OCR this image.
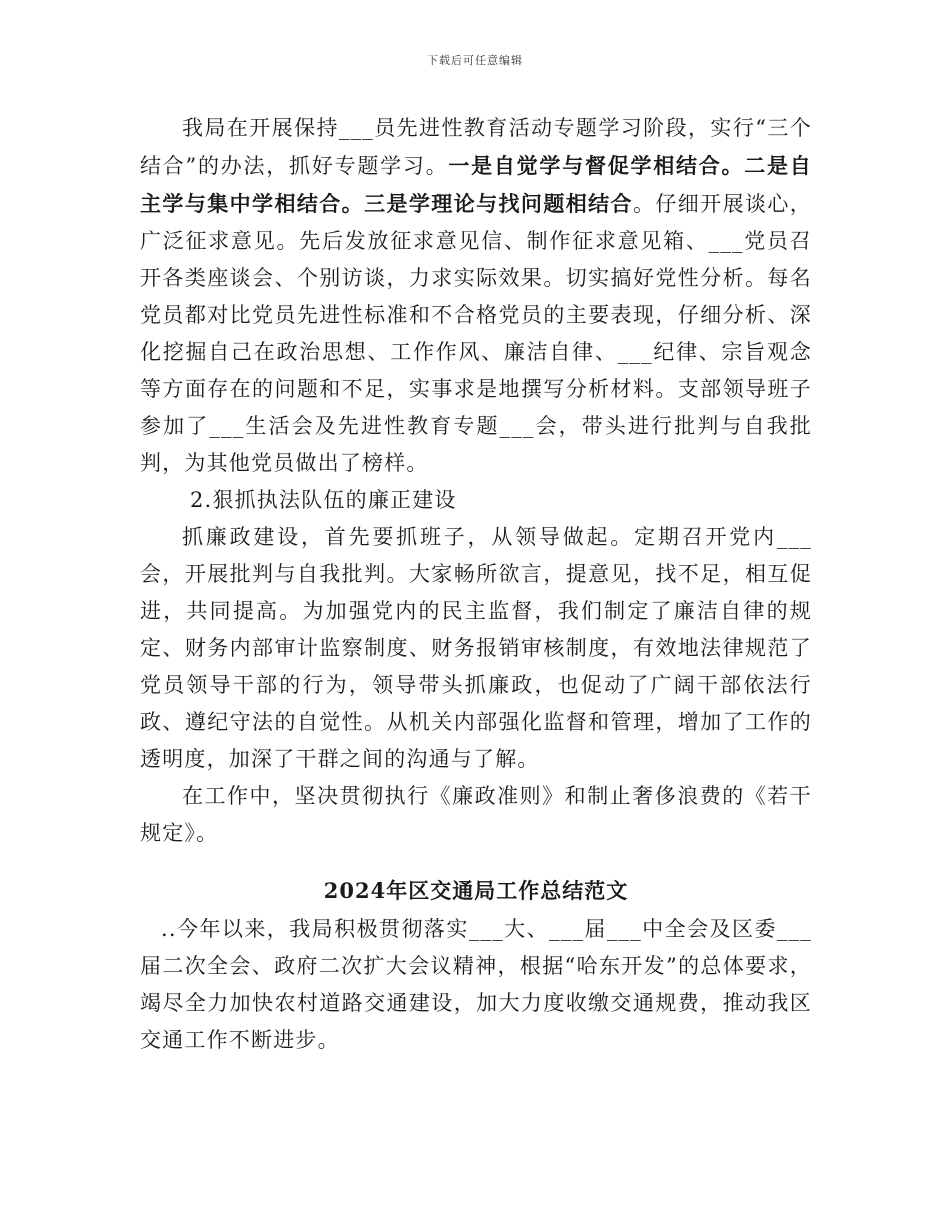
下载后可任意编辑

我局在开展保持___员先进性教育活动专题学习阶段，实行“三个结合”的办法，抓好专题学习。一是自觉学与督促学相结合。二是自主学与集中学相结合。三是学理论与找问题相结合。仔细开展谈心，广泛征求意见。先后发放征求意见信、制作征求意见箱、___党员召开各类座谈会、个别访谈，力求实际效果。切实搞好党性分析。每名党员都对比党员先进性标准和不合格党员的主要表现，仔细分析、深化挖掘自己在政治思想、工作作风、廉洁自律、___纪律、宗旨观念等方面存在的问题和不足，实事求是地撰写分析材料。支部领导班子参加了___生活会及先进性教育专题___会，带头进行批判与自我批判，为其他党员做出了榜样。

2.狠抓执法队伍的廉正建设

抓廉政建设，首先要抓班子，从领导做起。定期召开党内___会，开展批判与自我批判。大家畅所欲言，提意见，找不足，相互促进，共同提高。为加强党内的民主监督，我们制定了廉洁自律的规定、财务内部审计监察制度、财务报销审核制度，有效地法律规范了党员领导干部的行为，领导带头抓廉政，也促动了广阔干部依法行政、遵纪守法的自觉性。从机关内部强化监督和管理，增加了工作的透明度，加深了干群之间的沟通与了解。

在工作中，坚决贯彻执行《廉政准则》和制止奢侈浪费的《若干规定》。

2024年区交通局工作总结范文

..今年以来，我局积极贯彻落实___大、___届___中全会及区委___届二次全会、政府二次扩大会议精神，根据“哈东开发”的总体要求，竭尽全力加快农村道路交通建设，加大力度收缴交通规费，推动我区交通工作不断进步。
